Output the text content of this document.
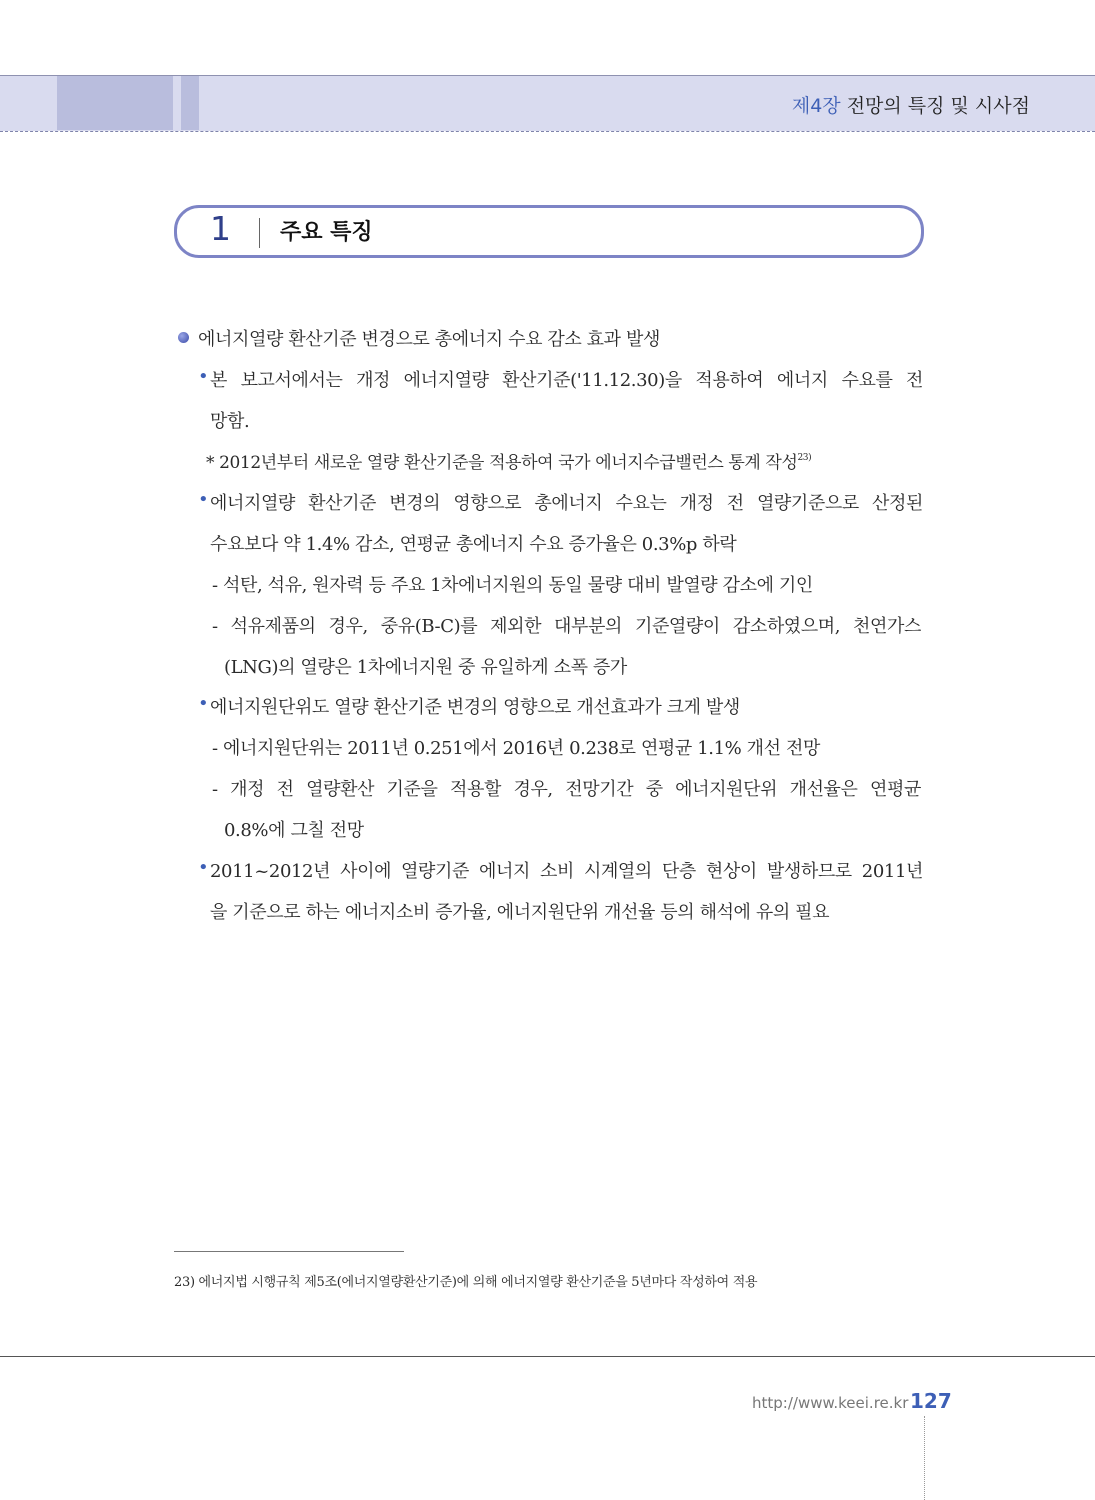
제4장 전망의 특징 및 시사점
1 주요 특징
에너지열량 환산기준 변경으로 총에너지 수요 감소 효과 발생
• 본 보고서에서는 개정 에너지열량 환산기준('11.12.30)을 적용하여 에너지 수요를 전
망함.
* 2012년부터 새로운 열량 환산기준을 적용하여 국가 에너지수급밸런스 통계 작성$^{23)}$
• 에너지열량 환산기준 변경의 영향으로 총에너지 수요는 개정 전 열량기준으로 산정된
수요보다 약 1.4% 감소, 연평균 총에너지 수요 증가율은 0.3%p 하락
- 석탄, 석유, 원자력 등 주요 1차에너지원의 동일 물량 대비 발열량 감소에 기인
- 석유제품의 경우, 중유(B-C)를 제외한 대부분의 기준열량이 감소하였으며, 천연가스
(LNG)의 열량은 1차에너지원 중 유일하게 소폭 증가
• 에너지원단위도 열량 환산기준 변경의 영향으로 개선효과가 크게 발생
- 에너지원단위는 2011년 0.251에서 2016년 0.238로 연평균 1.1% 개선 전망
- 개정 전 열량환산 기준을 적용할 경우, 전망기간 중 에너지원단위 개선율은 연평균
0.8%에 그칠 전망
• 2011~2012년 사이에 열량기준 에너지 소비 시계열의 단층 현상이 발생하므로 2011년
을 기준으로 하는 에너지소비 증가율, 에너지원단위 개선율 등의 해석에 유의 필요
23) 에너지법 시행규칙 제5조(에너지열량환산기준)에 의해 에너지열량 환산기준을 5년마다 작성하여 적용
http://www.keei.re.kr 127
